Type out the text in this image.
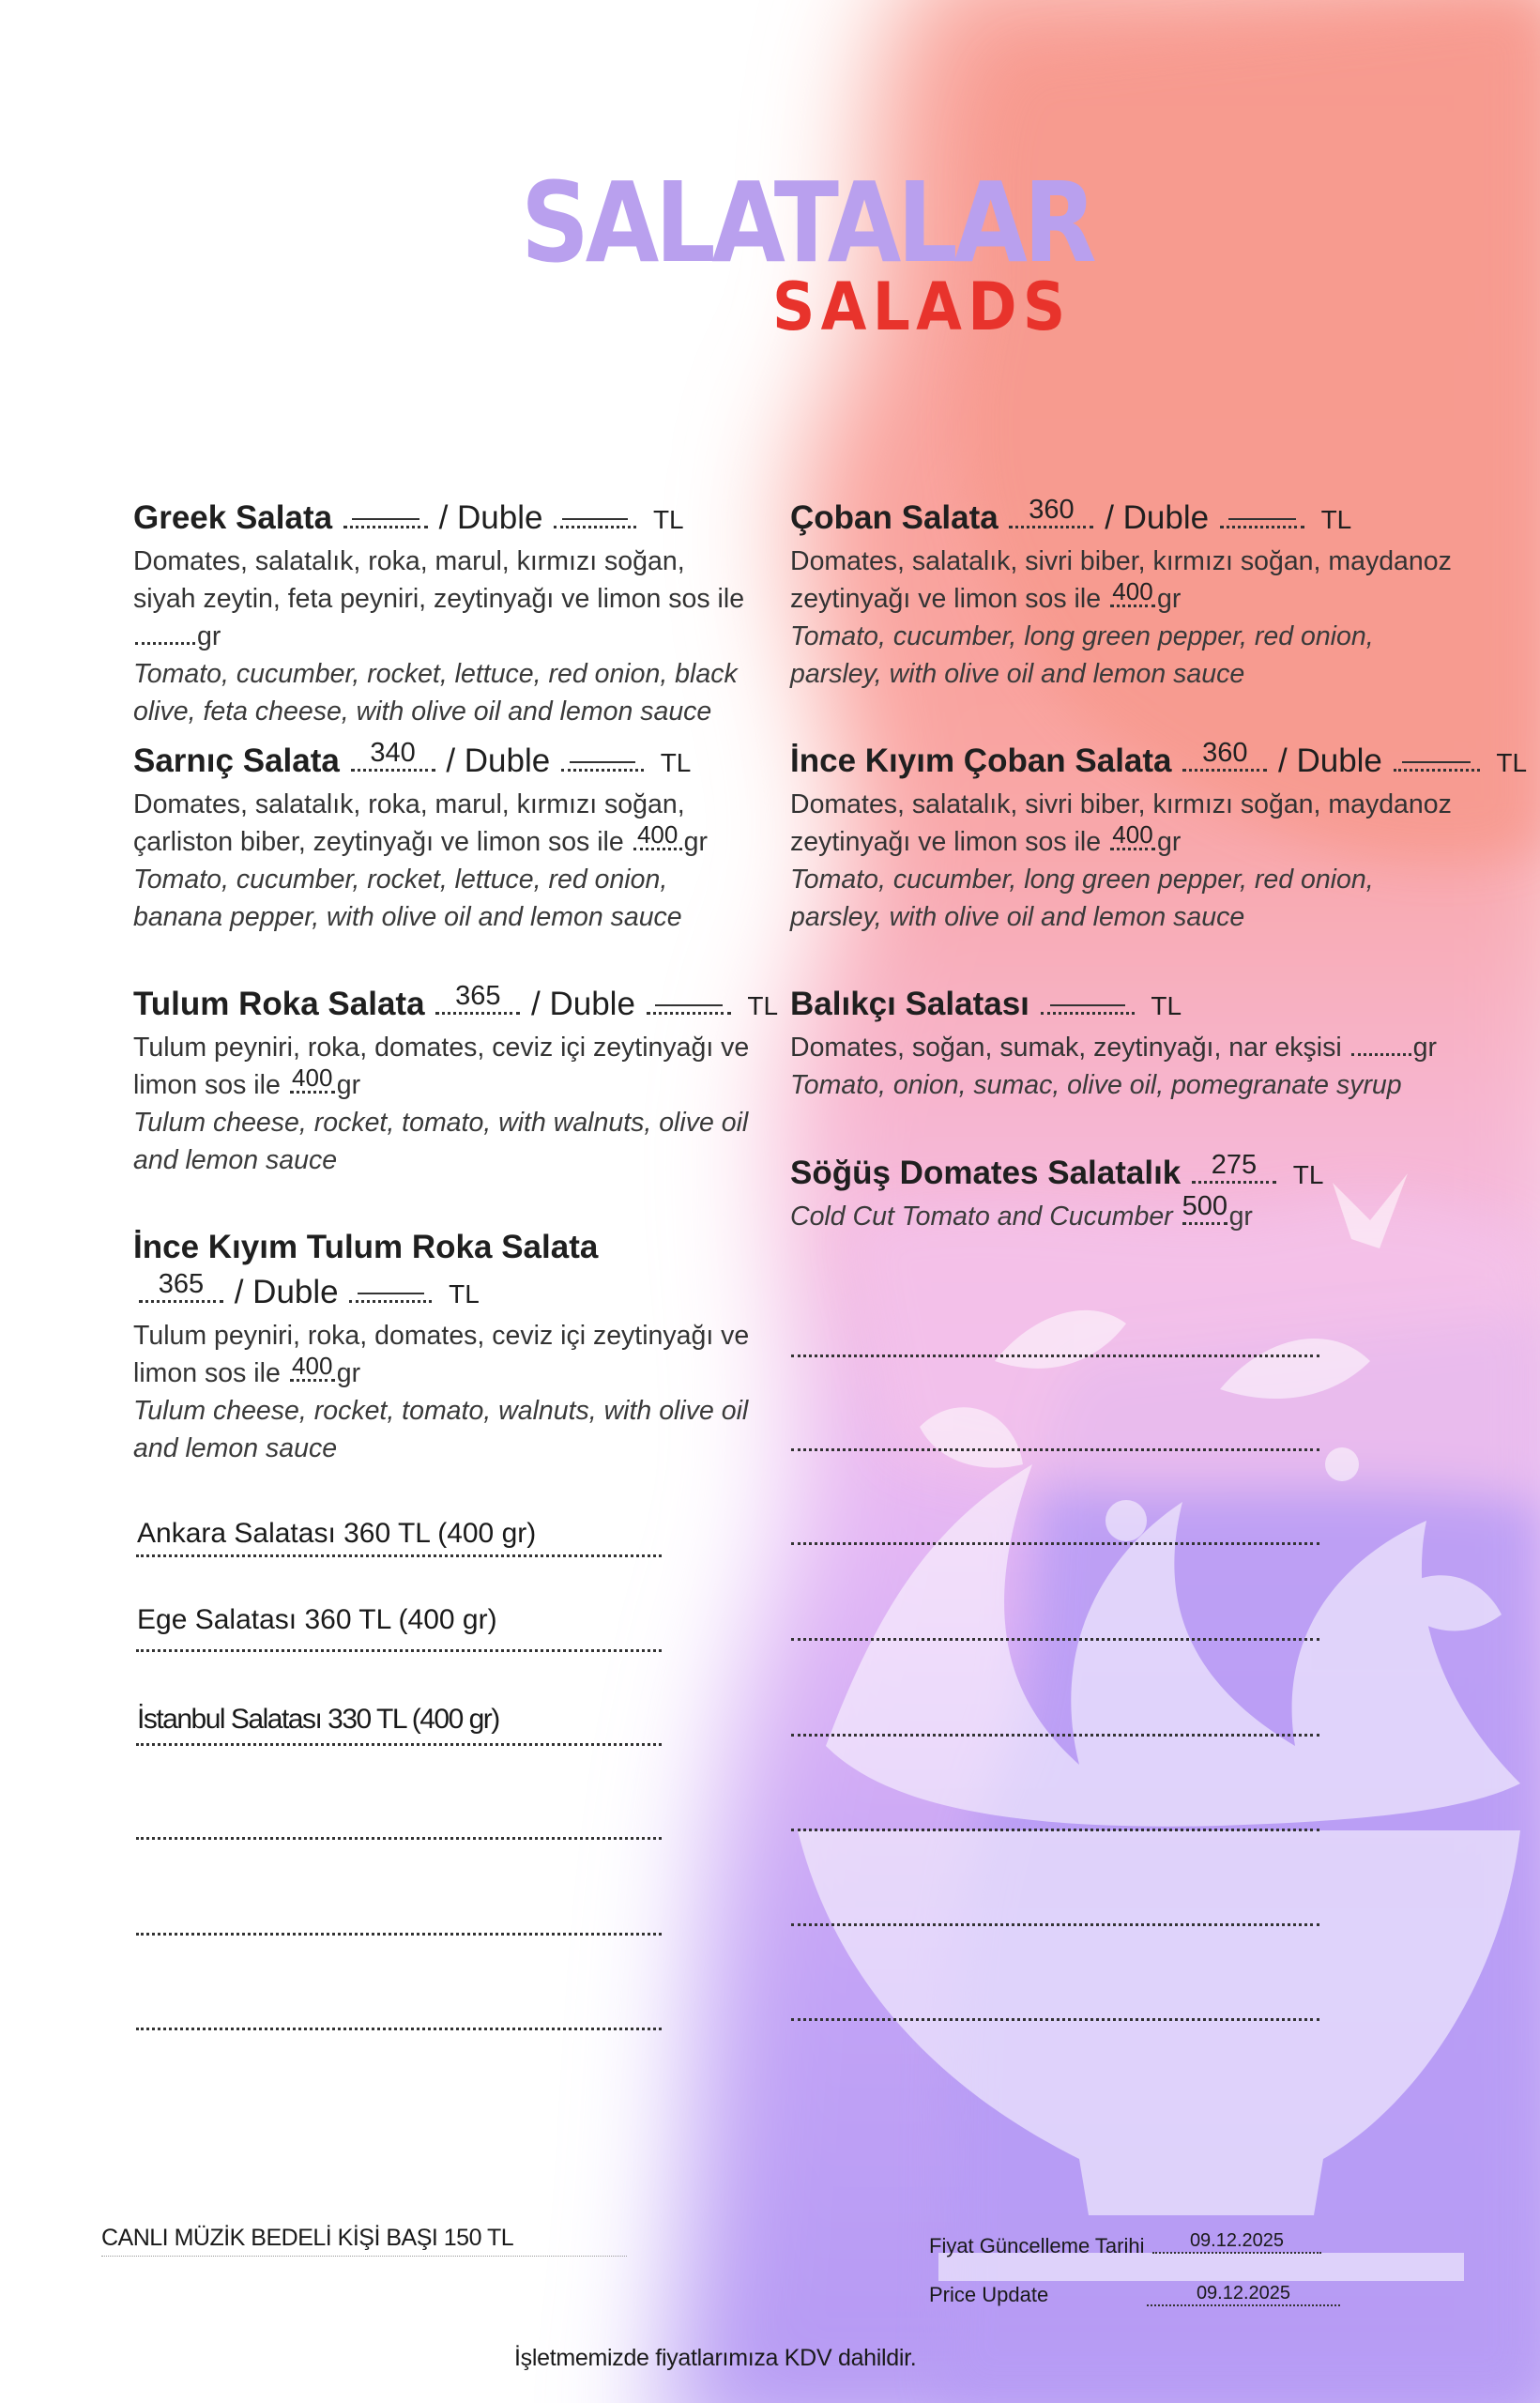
SALATALAR
SALADS
Greek Salata	/ Duble	TL
Domates, salatalık, roka, marul, kırmızı soğan, siyah zeytin, feta peyniri, zeytinyağı ve limon sos ile
gr
Tomato, cucumber, rocket, lettuce, red onion, black olive, feta cheese, with olive oil and lemon sauce
Sarnıç Salata	340 / Duble	TL
Domates, salatalık, roka, marul, kırmızı soğan, çarliston biber, zeytinyağı ve limon sos ile 400 gr
Tomato, cucumber, rocket, lettuce, red onion, banana pepper, with olive oil and lemon sauce
Tulum Roka Salata	365 / Duble	TL
Tulum peyniri, roka, domates, ceviz içi zeytinyağı ve limon sos ile 400 gr
Tulum cheese, rocket, tomato, with walnuts, olive oil and lemon sauce
İnce Kıyım Tulum Roka Salata
365 / Duble	TL
Tulum peyniri, roka, domates, ceviz içi zeytinyağı ve limon sos ile 400 gr
Tulum cheese, rocket, tomato, walnuts, with olive oil and lemon sauce
Ankara Salatası 360 TL (400 gr)
Ege Salatası 360 TL (400 gr)
İstanbul Salatası 330 TL (400 gr)
Çoban Salata	360 / Duble	TL
Domates, salatalık, sivri biber, kırmızı soğan, maydanoz zeytinyağı ve limon sos ile 400 gr
Tomato, cucumber, long green pepper, red onion, parsley, with olive oil and lemon sauce
İnce Kıyım Çoban Salata	360 / Duble	TL
Domates, salatalık, sivri biber, kırmızı soğan, maydanoz zeytinyağı ve limon sos ile 400 gr
Tomato, cucumber, long green pepper, red onion, parsley, with olive oil and lemon sauce
Balıkçı Salatası	TL
Domates, soğan, sumak, zeytinyağı, nar ekşisi	gr
Tomato, onion, sumac, olive oil, pomegranate syrup
Söğüş Domates Salatalık	275	TL
Cold Cut Tomato and Cucumber 500 gr
CANLI MÜZİK BEDELİ KİŞİ BAŞI 150 TL	Fiyat Güncelleme Tarihi	09.12.2025
Price Update	09.12.2025
İşletmemizde fiyatlarımıza KDV dahildir.
